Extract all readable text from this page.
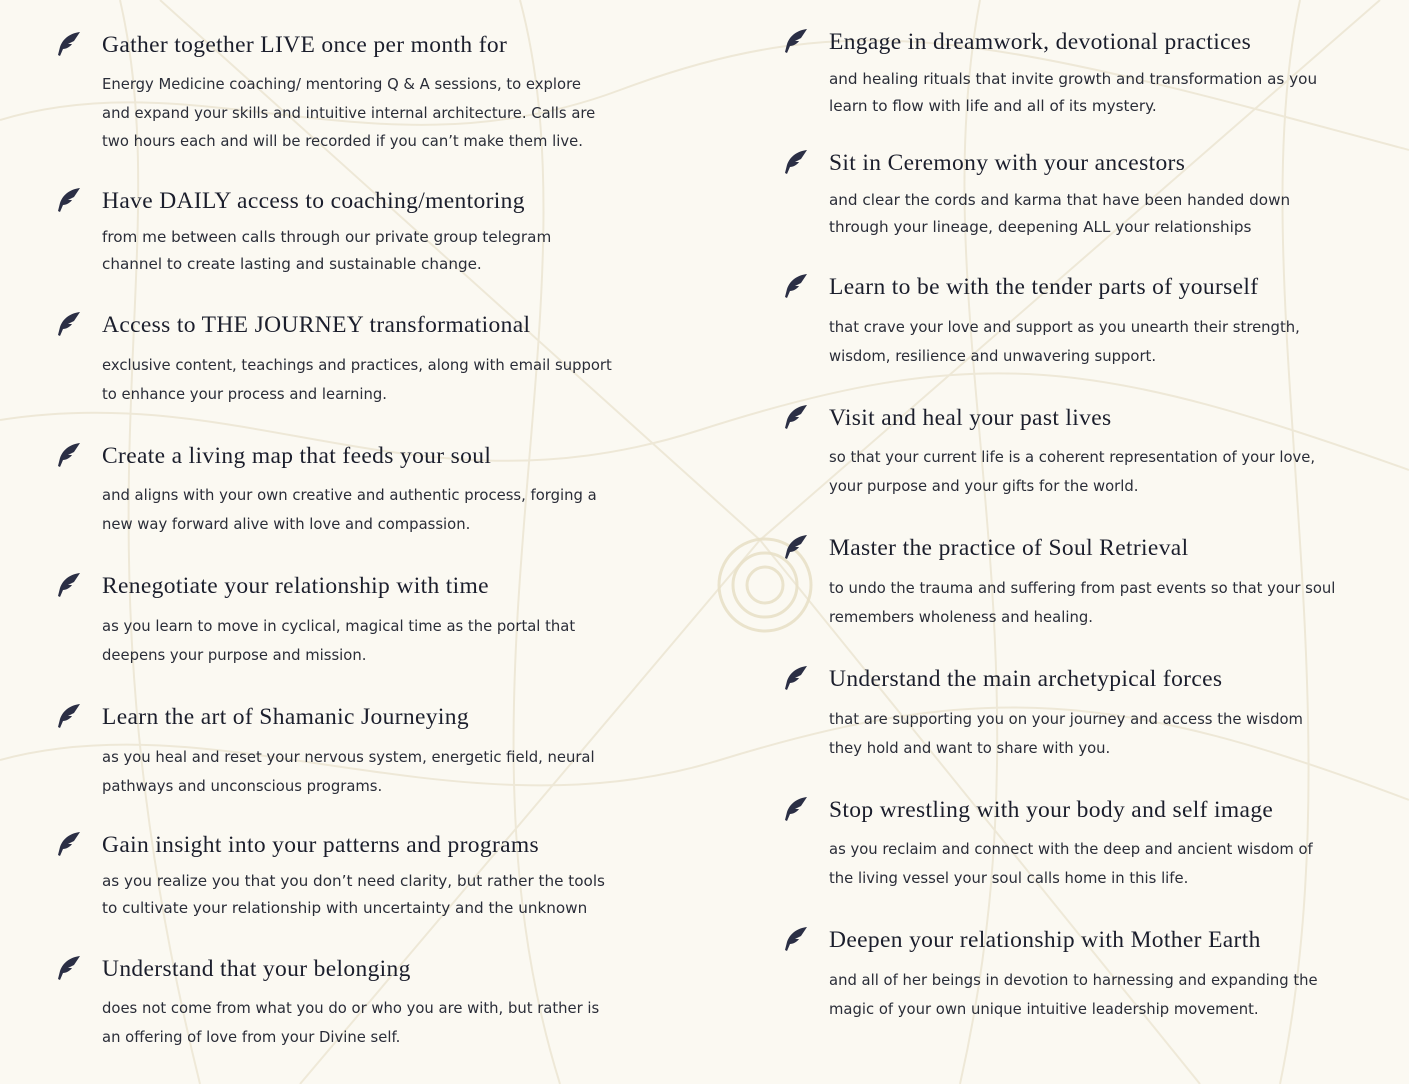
Gather together LIVE once per month for

Energy Medicine coaching/ mentoring Q & A sessions, to explore and expand your skills and intuitive internal architecture. Calls are two hours each and will be recorded if you can’t make them live.

Have DAILY access to coaching/mentoring

from me between calls through our private group telegram channel to create lasting and sustainable change.

Access to THE JOURNEY transformational

exclusive content, teachings and practices, along with email support to enhance your process and learning.

Create a living map that feeds your soul

and aligns with your own creative and authentic process, forging a new way forward alive with love and compassion.

Renegotiate your relationship with time

as you learn to move in cyclical, magical time as the portal that deepens your purpose and mission.

Learn the art of Shamanic Journeying

as you heal and reset your nervous system, energetic field, neural pathways and unconscious programs.

Gain insight into your patterns and programs

as you realize you that you don’t need clarity, but rather the tools to cultivate your relationship with uncertainty and the unknown

Understand that your belonging

does not come from what you do or who you are with, but rather is an offering of love from your Divine self.

Engage in dreamwork, devotional practices

and healing rituals that invite growth and transformation as you learn to flow with life and all of its mystery.

Sit in Ceremony with your ancestors

and clear the cords and karma that have been handed down through your lineage, deepening ALL your relationships

Learn to be with the tender parts of yourself

that crave your love and support as you unearth their strength, wisdom, resilience and unwavering support.

Visit and heal your past lives

so that your current life is a coherent representation of your love, your purpose and your gifts for the world.

Master the practice of Soul Retrieval

to undo the trauma and suffering from past events so that your soul remembers wholeness and healing.

Understand the main archetypical forces

that are supporting you on your journey and access the wisdom they hold and want to share with you.

Stop wrestling with your body and self image

as you reclaim and connect with the deep and ancient wisdom of the living vessel your soul calls home in this life.

Deepen your relationship with Mother Earth

and all of her beings in devotion to harnessing and expanding the magic of your own unique intuitive leadership movement.
